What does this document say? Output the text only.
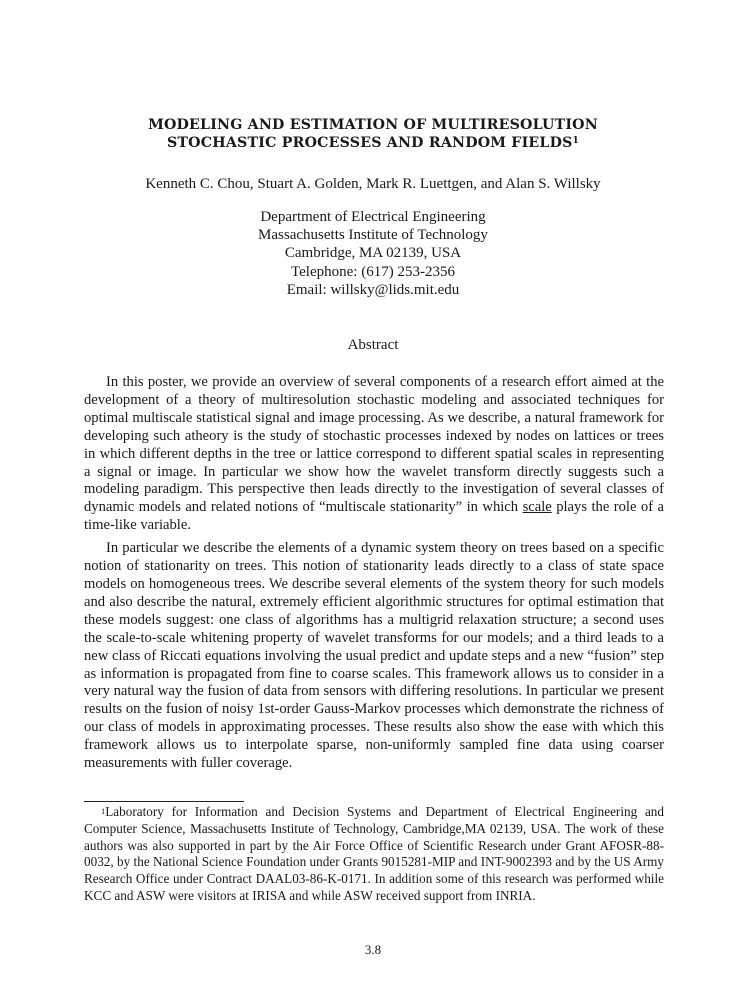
MODELING AND ESTIMATION OF MULTIRESOLUTION
STOCHASTIC PROCESSES AND RANDOM FIELDS$^1$
Kenneth C. Chou, Stuart A. Golden, Mark R. Luettgen, and Alan S. Willsky
Department of Electrical Engineering
Massachusetts Institute of Technology
Cambridge, MA 02139, USA
Telephone: (617) 253-2356
Email: willsky@lids.mit.edu
Abstract

In this poster, we provide an overview of several components of a research effort aimed at the development of a theory of multiresolution stochastic modeling and associated techniques for optimal multiscale statistical signal and image processing. As we describe, a natural framework for developing such atheory is the study of stochastic processes indexed by nodes on lattices or trees in which different depths in the tree or lattice correspond to different spatial scales in representing a signal or image. In particular we show how the wavelet transform directly suggests such a modeling paradigm. This perspective then leads directly to the investigation of several classes of dynamic models and related notions of “multiscale stationarity” in which scale plays the role of a time-like variable.

In particular we describe the elements of a dynamic system theory on trees based on a specific notion of stationarity on trees. This notion of stationarity leads directly to a class of state space models on homogeneous trees. We describe several elements of the system theory for such models and also describe the natural, extremely efficient algorithmic structures for optimal estimation that these models suggest: one class of algorithms has a multigrid relaxation structure; a second uses the scale-to-scale whitening property of wavelet transforms for our models; and a third leads to a new class of Riccati equations involving the usual predict and update steps and a new “fusion” step as information is propagated from fine to coarse scales. This framework allows us to consider in a very natural way the fusion of data from sensors with differing resolutions. In particular we present results on the fusion of noisy 1st-order Gauss-Markov processes which demonstrate the richness of our class of models in approximating processes. These results also show the ease with which this framework allows us to interpolate sparse, non-uniformly sampled fine data using coarser measurements with fuller coverage.

$^1$Laboratory for Information and Decision Systems and Department of Electrical Engineering and Computer Science, Massachusetts Institute of Technology, Cambridge,MA 02139, USA. The work of these authors was also supported in part by the Air Force Office of Scientific Research under Grant AFOSR-88-0032, by the National Science Foundation under Grants 9015281-MIP and INT-9002393 and by the US Army Research Office under Contract DAAL03-86-K-0171. In addition some of this research was performed while KCC and ASW were visitors at IRISA and while ASW received support from INRIA.

3.8
